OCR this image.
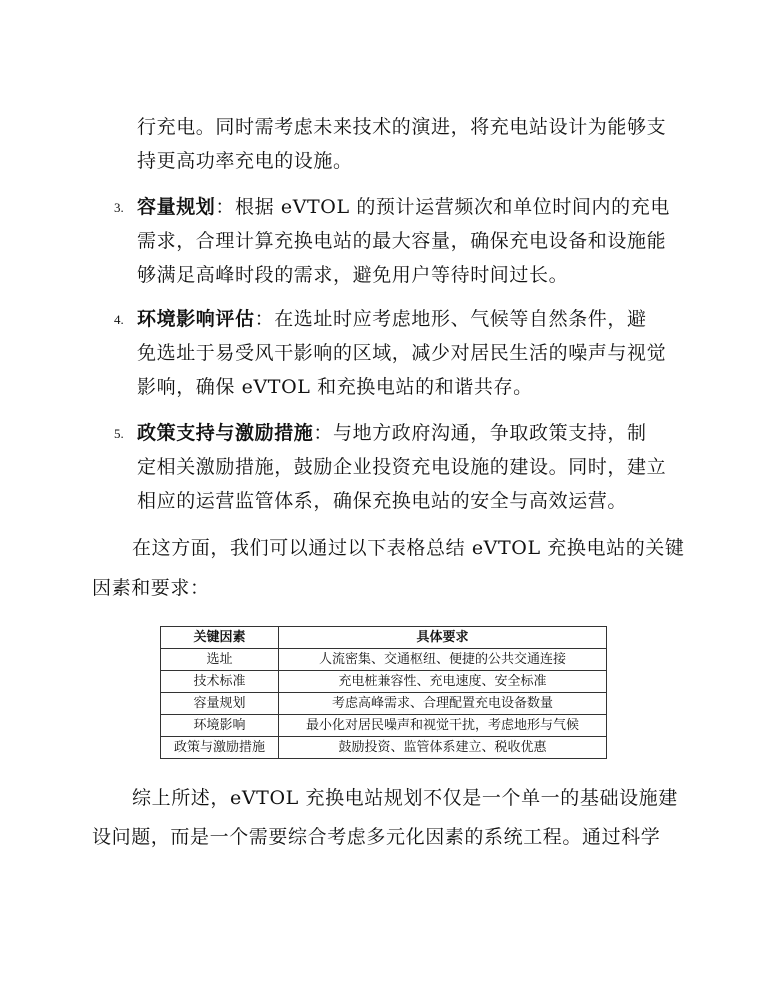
行充电。同时需考虑未来技术的演进，将充电站设计为能够支
持更高功率充电的设施。
3. 容量规划：根据 eVTOL 的预计运营频次和单位时间内的充电
需求，合理计算充换电站的最大容量，确保充电设备和设施能
够满足高峰时段的需求，避免用户等待时间过长。
4. 环境影响评估：在选址时应考虑地形、气候等自然条件，避
免选址于易受风干影响的区域，减少对居民生活的噪声与视觉
影响，确保 eVTOL 和充换电站的和谐共存。
5. 政策支持与激励措施：与地方政府沟通，争取政策支持，制
定相关激励措施，鼓励企业投资充电设施的建设。同时，建立
相应的运营监管体系，确保充换电站的安全与高效运营。
在这方面，我们可以通过以下表格总结 eVTOL 充换电站的关键
因素和要求：
关键因素	具体要求
选址	人流密集、交通枢纽、便捷的公共交通连接
技术标准	充电桩兼容性、充电速度、安全标准
容量规划	考虑高峰需求、合理配置充电设备数量
环境影响	最小化对居民噪声和视觉干扰，考虑地形与气候
政策与激励措施	鼓励投资、监管体系建立、税收优惠
综上所述，eVTOL 充换电站规划不仅是一个单一的基础设施建
设问题，而是一个需要综合考虑多元化因素的系统工程。通过科学
